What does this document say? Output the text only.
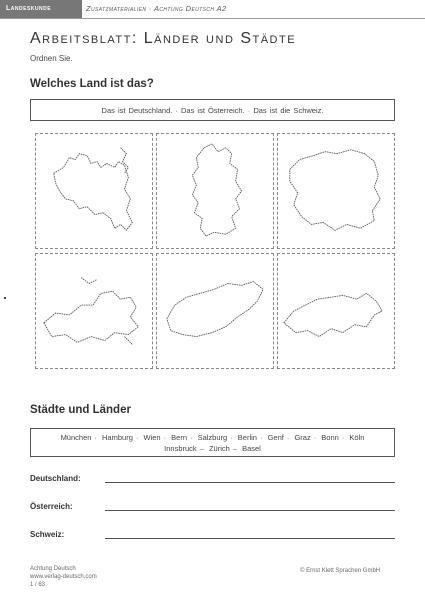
Landeskunde	Zusatzmaterialien · Achtung Deutsch A2
Arbeitsblatt: Länder und Städte
Ordnen Sie.
Welches Land ist das?
Das ist Deutschland. · Das ist Österreich. · Das ist die Schweiz.
Städte und Länder
München · Hamburg · Wien · Bern · Salzburg · Berlin · Genf · Graz · Bonn · Köln
Innsbruck – Zürich – Basel
Deutschland:
Österreich:
Schweiz:
Achtung Deutsch
www.verlag-deutsch.com
1 / 63
© Ernst Klett Sprachen GmbH
